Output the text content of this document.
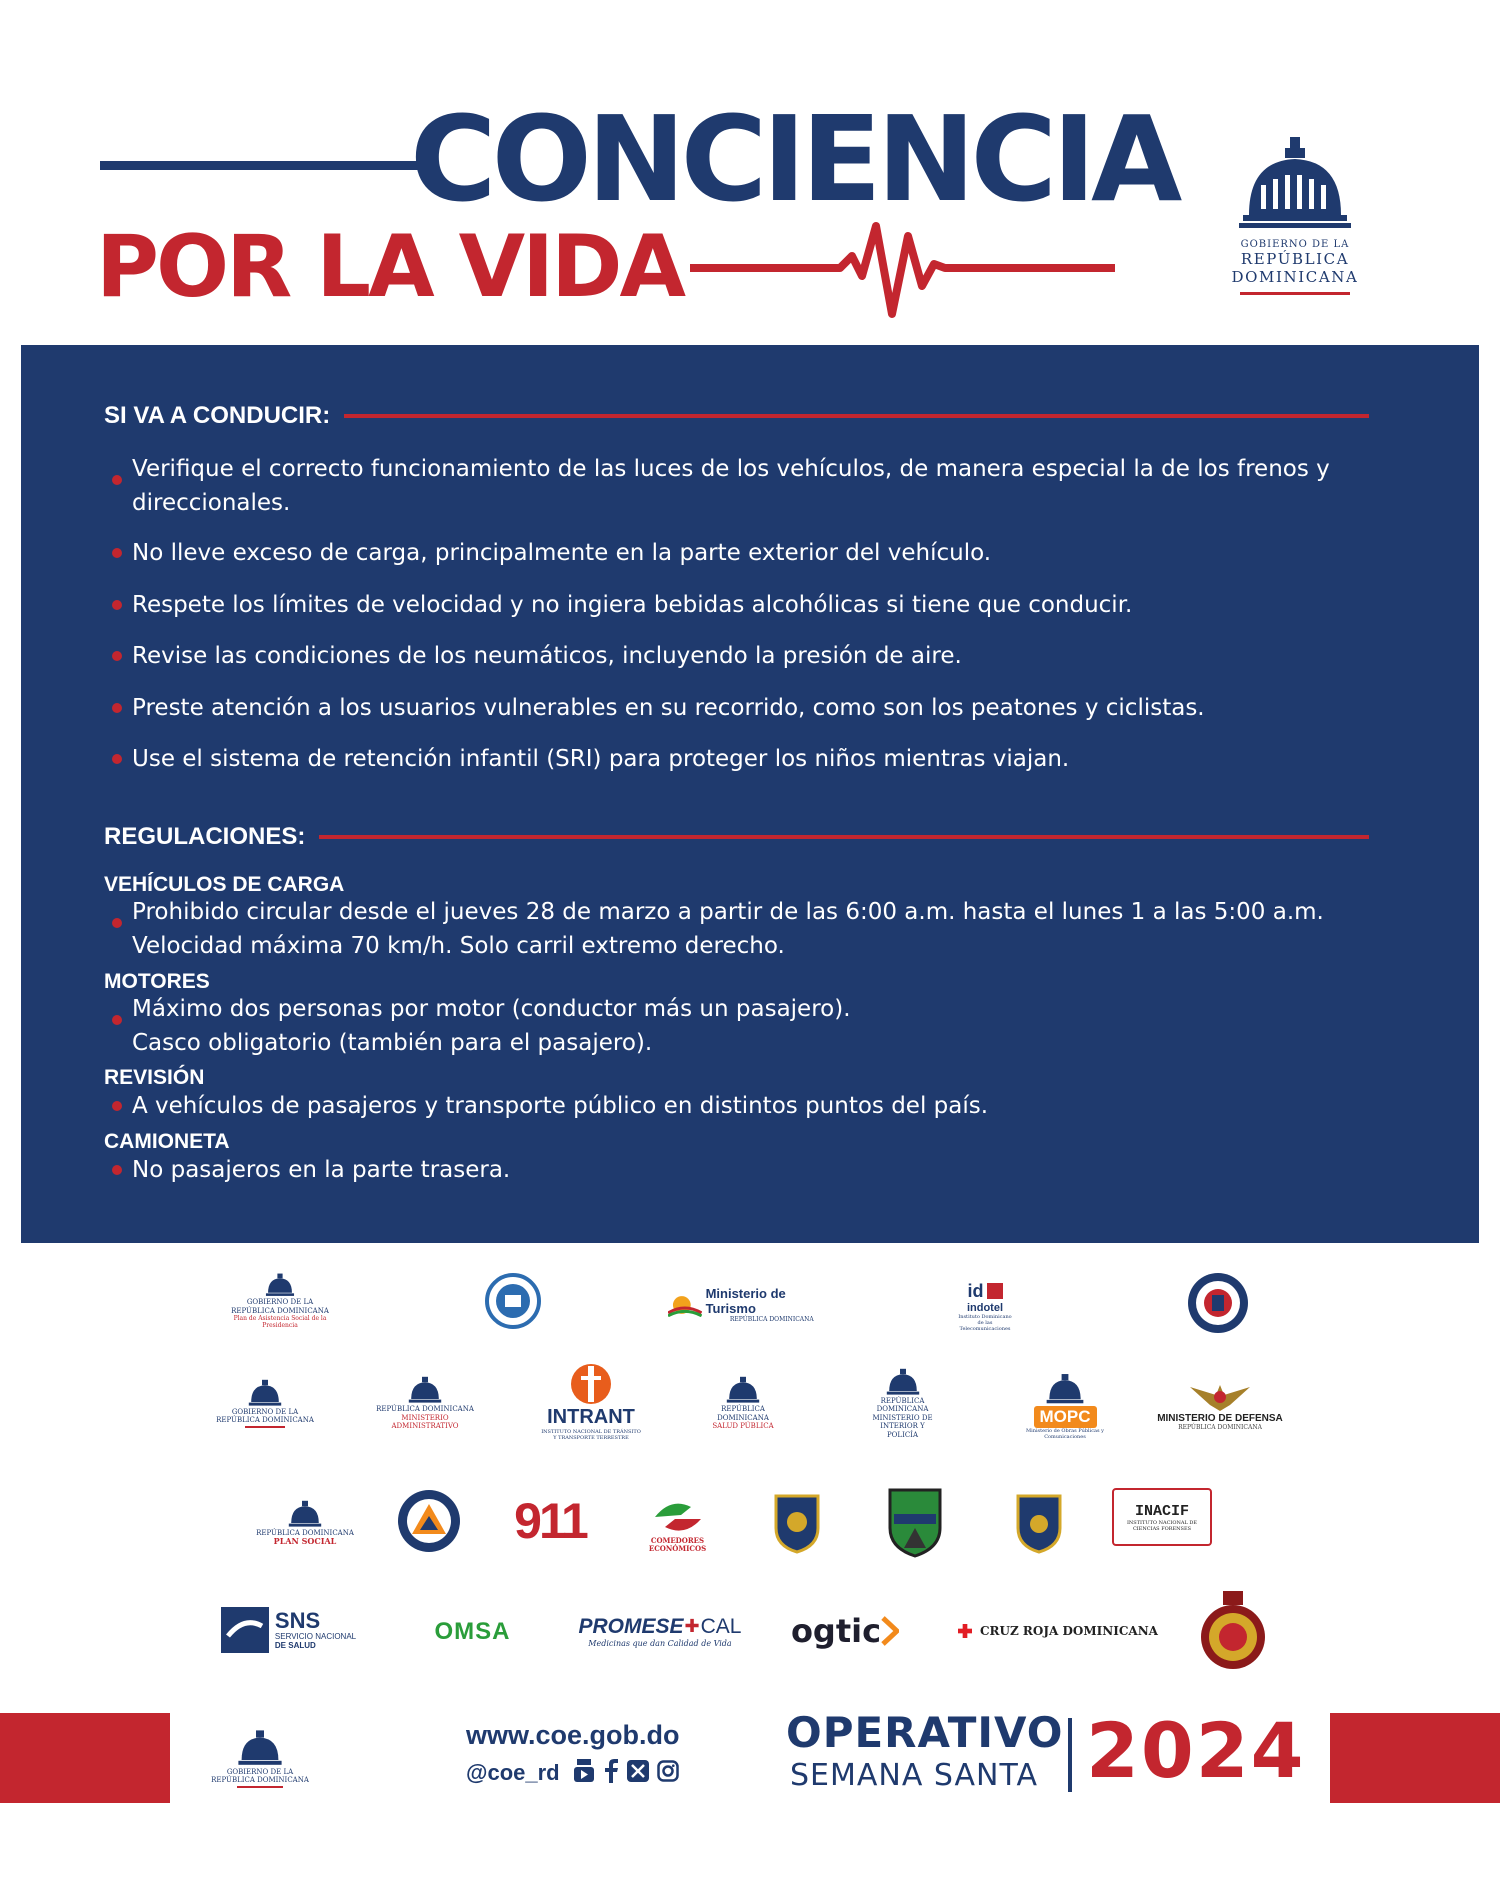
CONCIENCIA
POR LA VIDA	GOBIERNO DE LA
REPÚBLICA DOMINICANA
SI VA A CONDUCIR:
Verifique el correcto funcionamiento de las luces de los vehículos, de manera especial la de los frenos y direccionales.
No lleve exceso de carga, principalmente en la parte exterior del vehículo.
Respete los límites de velocidad y no ingiera bebidas alcohólicas si tiene que conducir.
Revise las condiciones de los neumáticos, incluyendo la presión de aire.
Preste atención a los usuarios vulnerables en su recorrido, como son los peatones y ciclistas.
Use el sistema de retención infantil (SRI) para proteger los niños mientras viajan.
REGULACIONES:
VEHÍCULOS DE CARGA
Prohibido circular desde el jueves 28 de marzo a partir de las 6:00 a.m. hasta el lunes 1 a las 5:00 a.m.
Velocidad máxima 70 km/h. Solo carril extremo derecho.
MOTORES
Máximo dos personas por motor (conductor más un pasajero).
Casco obligatorio (también para el pasajero).
REVISIÓN
A vehículos de pasajeros y transporte público en distintos puntos del país.
CAMIONETA
No pasajeros en la parte trasera.
GOBIERNO DE LA
REPÚBLICA DOMINICANA
Plan de Asistencia Social de la Presidencia
Ministerio de Turismo
REPÚBLICA DOMINICANA
id
indotel
Instituto Dominicano de las Telecomunicaciones
GOBIERNO DE LA
REPÚBLICA DOMINICANA
REPÚBLICA DOMINICANA
MINISTERIO ADMINISTRATIVO	INTRANT
INSTITUTO NACIONAL DE TRÁNSITO Y TRANSPORTE TERRESTRE
REPÚBLICA DOMINICANA
SALUD PÚBLICA
REPÚBLICA DOMINICANA
MINISTERIO DE INTERIOR Y POLICÍA
MOPC
Ministerio de Obras Públicas y Comunicaciones
MINISTERIO DE DEFENSA
REPÚBLICA DOMINICANA
REPÚBLICA DOMINICANA
PLAN SOCIAL	911	COMEDORES ECONÓMICOS
INACIF
INSTITUTO NACIONAL DE CIENCIAS FORENSES
SNS
SERVICIO NACIONAL
DE SALUD
OMSA	PROMESE ✚ CAL
Medicinas que dan Calidad de Vida ogtic	CRUZ ROJA DOMINICANA
GOBIERNO DE LA
REPÚBLICA DOMINICANA
www.coe.gob.do
@coe_rd
OPERATIVO
SEMANA SANTA 2024
